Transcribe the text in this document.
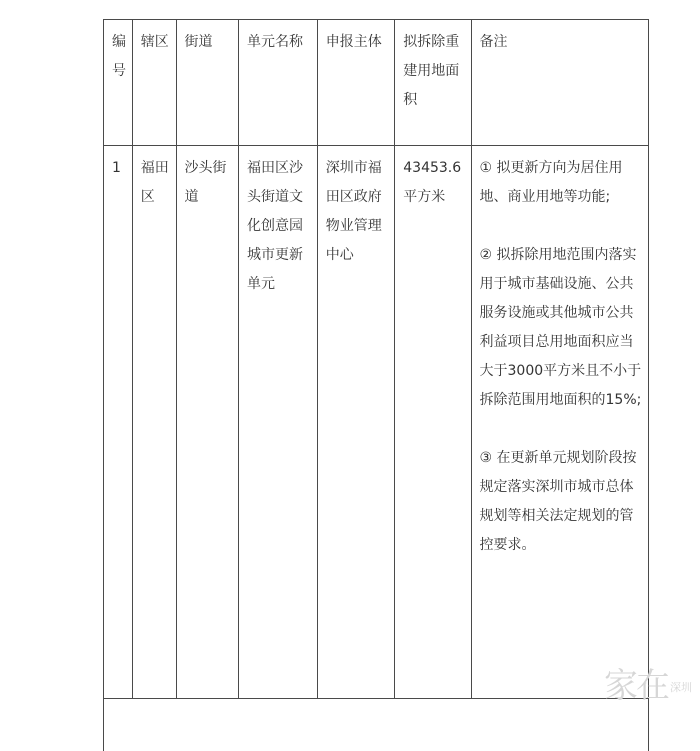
编号	辖区	街道	单元名称	申报主体	拟拆除重建用地面积	备注
1	福田区	沙头街道	福田区沙头街道文化创意园城市更新单元	深圳市福田区政府物业管理中心	43453.6平方米	① 拟更新方向为居住用地、商业用地等功能;
② 拟拆除用地范围内落实用于城市基础设施、公共服务设施或其他城市公共利益项目总用地面积应当大于3000平方米且不小于拆除范围用地面积的15%;
③ 在更新单元规划阶段按规定落实深圳市城市总体规划等相关法定规划的管控要求。

家在 深圳
